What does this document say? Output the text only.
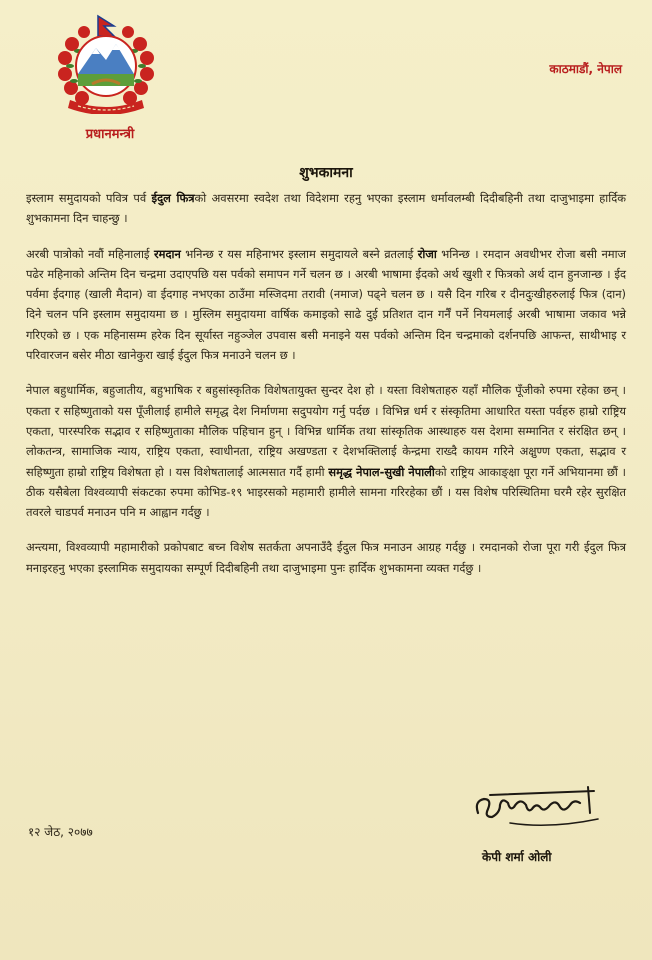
प्रधानमन्त्री
काठमाडौं, नेपाल
शुभकामना

इस्लाम समुदायको पवित्र पर्व ईदुल फित्रको अवसरमा स्वदेश तथा विदेशमा रहनु भएका इस्लाम धर्मावलम्बी दिदीबहिनी तथा दाजुभाइमा हार्दिक शुभकामना दिन चाहन्छु ।

अरबी पात्रोको नवौं महिनालाई रमदान भनिन्छ र यस महिनाभर इस्लाम समुदायले बस्ने व्रतलाई रोजा भनिन्छ । रमदान अवधीभर रोजा बसी नमाज पढेर महिनाको अन्तिम दिन चन्द्रमा उदाएपछि यस पर्वको समापन गर्ने चलन छ । अरबी भाषामा ईदको अर्थ खुशी र फित्रको अर्थ दान हुनजान्छ । ईद पर्वमा ईदगाह (खाली मैदान) वा ईदगाह नभएका ठाउँमा मस्जिदमा तरावी (नमाज) पढ्ने चलन छ । यसै दिन गरिब र दीनदुःखीहरुलाई फित्र (दान) दिने चलन पनि इस्लाम समुदायमा छ । मुस्लिम समुदायमा वार्षिक कमाइको साढे दुई प्रतिशत दान गर्नैं पर्ने नियमलाई अरबी भाषामा जकाव भन्ने गरिएको छ । एक महिनासम्म हरेक दिन सूर्यास्त नहुञ्जेल उपवास बसी मनाइने यस पर्वको अन्तिम दिन चन्द्रमाको दर्शनपछि आफन्त, साथीभाइ र परिवारजन बसेर मीठा खानेकुरा खाई ईदुल फित्र मनाउने चलन छ ।

नेपाल बहुधार्मिक, बहुजातीय, बहुभाषिक र बहुसांस्कृतिक विशेषतायुक्त सुन्दर देश हो । यस्ता विशेषताहरु यहाँ मौलिक पूँजीको रुपमा रहेका छन् । एकता र सहिष्णुताको यस पूँजीलाई हामीले समृद्ध देश निर्माणमा सदुपयोग गर्नु पर्दछ । विभिन्न धर्म र संस्कृतिमा आधारित यस्ता पर्वहरु हाम्रो राष्ट्रिय एकता, पारस्परिक सद्भाव र सहिष्णुताका मौलिक पहिचान हुन् । विभिन्न धार्मिक तथा सांस्कृतिक आस्थाहरु यस देशमा सम्मानित र संरक्षित छन् । लोकतन्त्र, सामाजिक न्याय, राष्ट्रिय एकता, स्वाधीनता, राष्ट्रिय अखण्डता र देशभक्तिलाई केन्द्रमा राख्दै कायम गरिने अक्षुण्ण एकता, सद्भाव र सहिष्णुता हाम्रो राष्ट्रिय विशेषता हो । यस विशेषतालाई आत्मसात गर्दै हामी समृद्ध नेपाल-सुखी नेपालीको राष्ट्रिय आकाङ्क्षा पूरा गर्ने अभियानमा छौं । ठीक यसैबेला विश्वव्यापी संकटका रुपमा कोभिड-१९ भाइरसको महामारी हामीले सामना गरिरहेका छौं । यस विशेष परिस्थितिमा घरमै रहेर सुरक्षित तवरले चाडपर्व मनाउन पनि म आह्वान गर्दछु ।

अन्त्यमा, विश्वव्यापी महामारीको प्रकोपबाट बच्न विशेष सतर्कता अपनाउँदै ईदुल फित्र मनाउन आग्रह गर्दछु । रमदानको रोजा पूरा गरी ईदुल फित्र मनाइरहनु भएका इस्लामिक समुदायका सम्पूर्ण दिदीबहिनी तथा दाजुभाइमा पुनः हार्दिक शुभकामना व्यक्त गर्दछु ।

१२ जेठ, २०७७
केपी शर्मा ओली
